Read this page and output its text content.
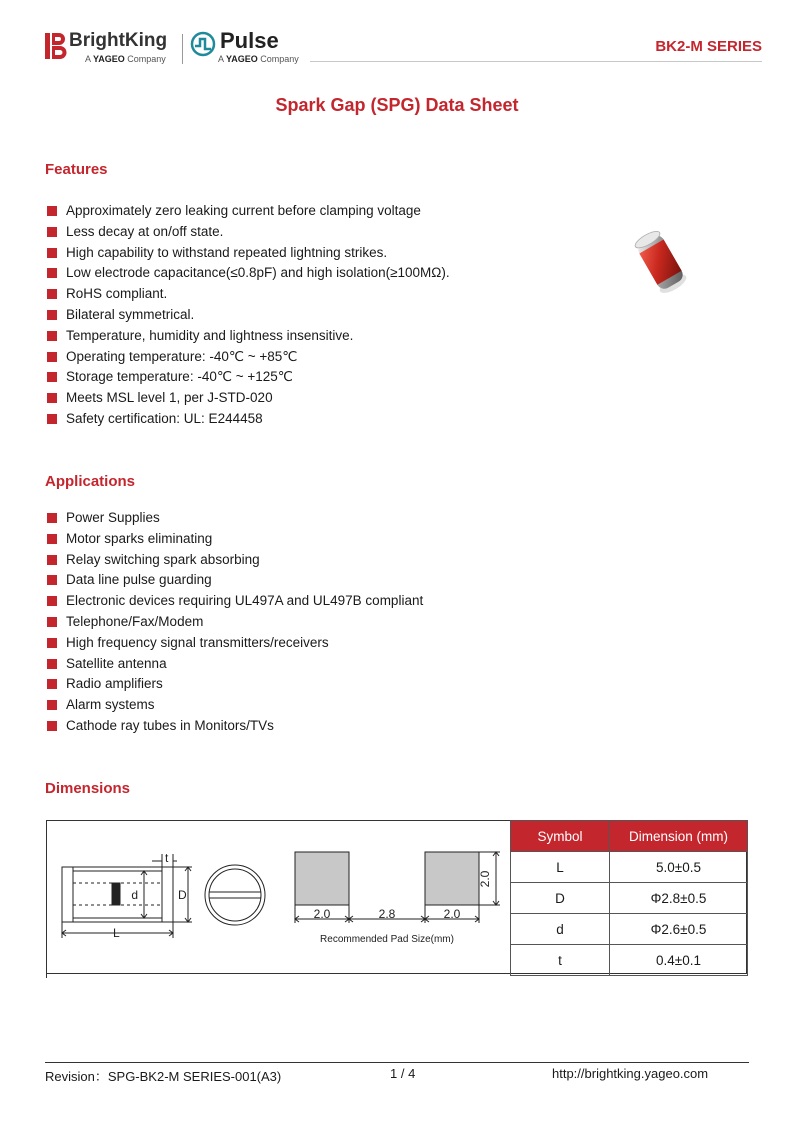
BrightKing
A YAGEO Company
Pulse
A YAGEO Company
BK2-M SERIES
Spark Gap (SPG) Data Sheet
Features
Approximately zero leaking current before clamping voltage
Less decay at on/off state.
High capability to withstand repeated lightning strikes.
Low electrode capacitance(≤0.8pF) and high isolation(≥100MΩ).
RoHS compliant.
Bilateral symmetrical.
Temperature, humidity and lightness insensitive.
Operating temperature: -40℃ ~ +85℃
Storage temperature: -40℃ ~ +125℃
Meets MSL level 1, per J-STD-020
Safety certification: UL: E244458
Applications
Power Supplies
Motor sparks eliminating
Relay switching spark absorbing
Data line pulse guarding
Electronic devices requiring UL497A and UL497B compliant
Telephone/Fax/Modem
High frequency signal transmitters/receivers
Satellite antenna
Radio amplifiers
Alarm systems
Cathode ray tubes in Monitors/TVs
Dimensions
t
d	D
L
2.0	2.8	2.0
2.0
Recommended Pad Size(mm)
Symbol	Dimension (mm)
L	5.0±0.5
D	Φ2.8±0.5
d	Φ2.6±0.5
t	0.4±0.1
Revision：SPG-BK2-M SERIES-001(A3)	1 / 4	http://brightking.yageo.com
